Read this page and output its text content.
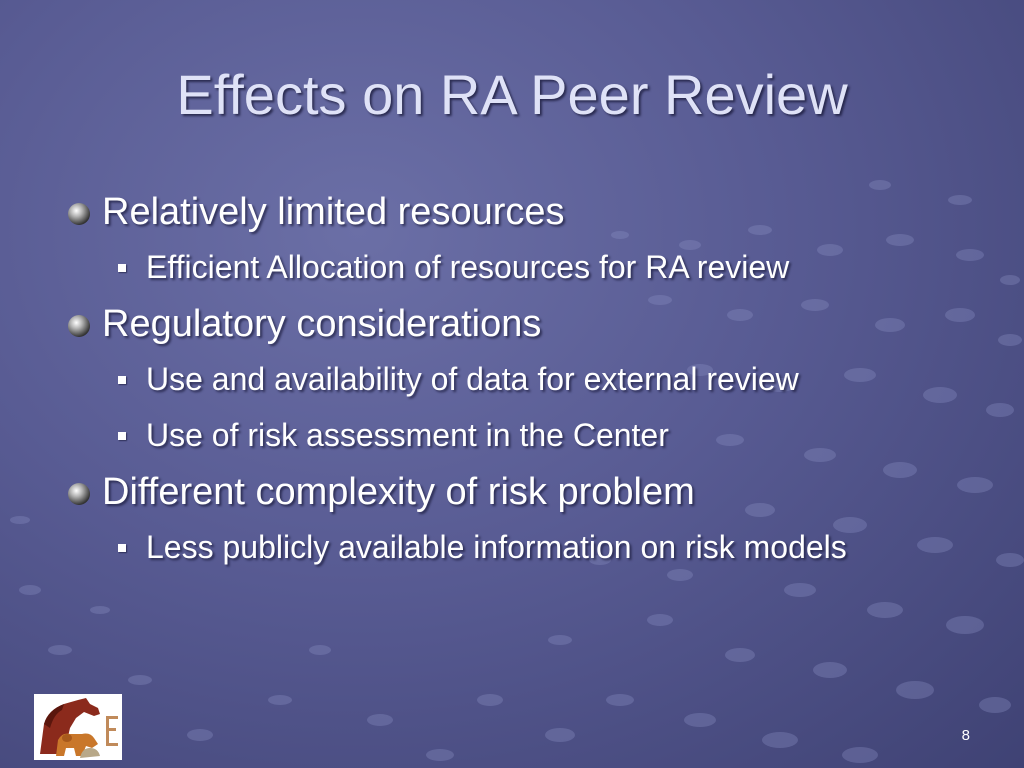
Effects on RA Peer Review
Relatively limited resources
Efficient Allocation of resources for RA review
Regulatory considerations
Use and availability of data for external review
Use of risk assessment in the Center
Different complexity of risk problem
Less publicly available information on risk models
8
